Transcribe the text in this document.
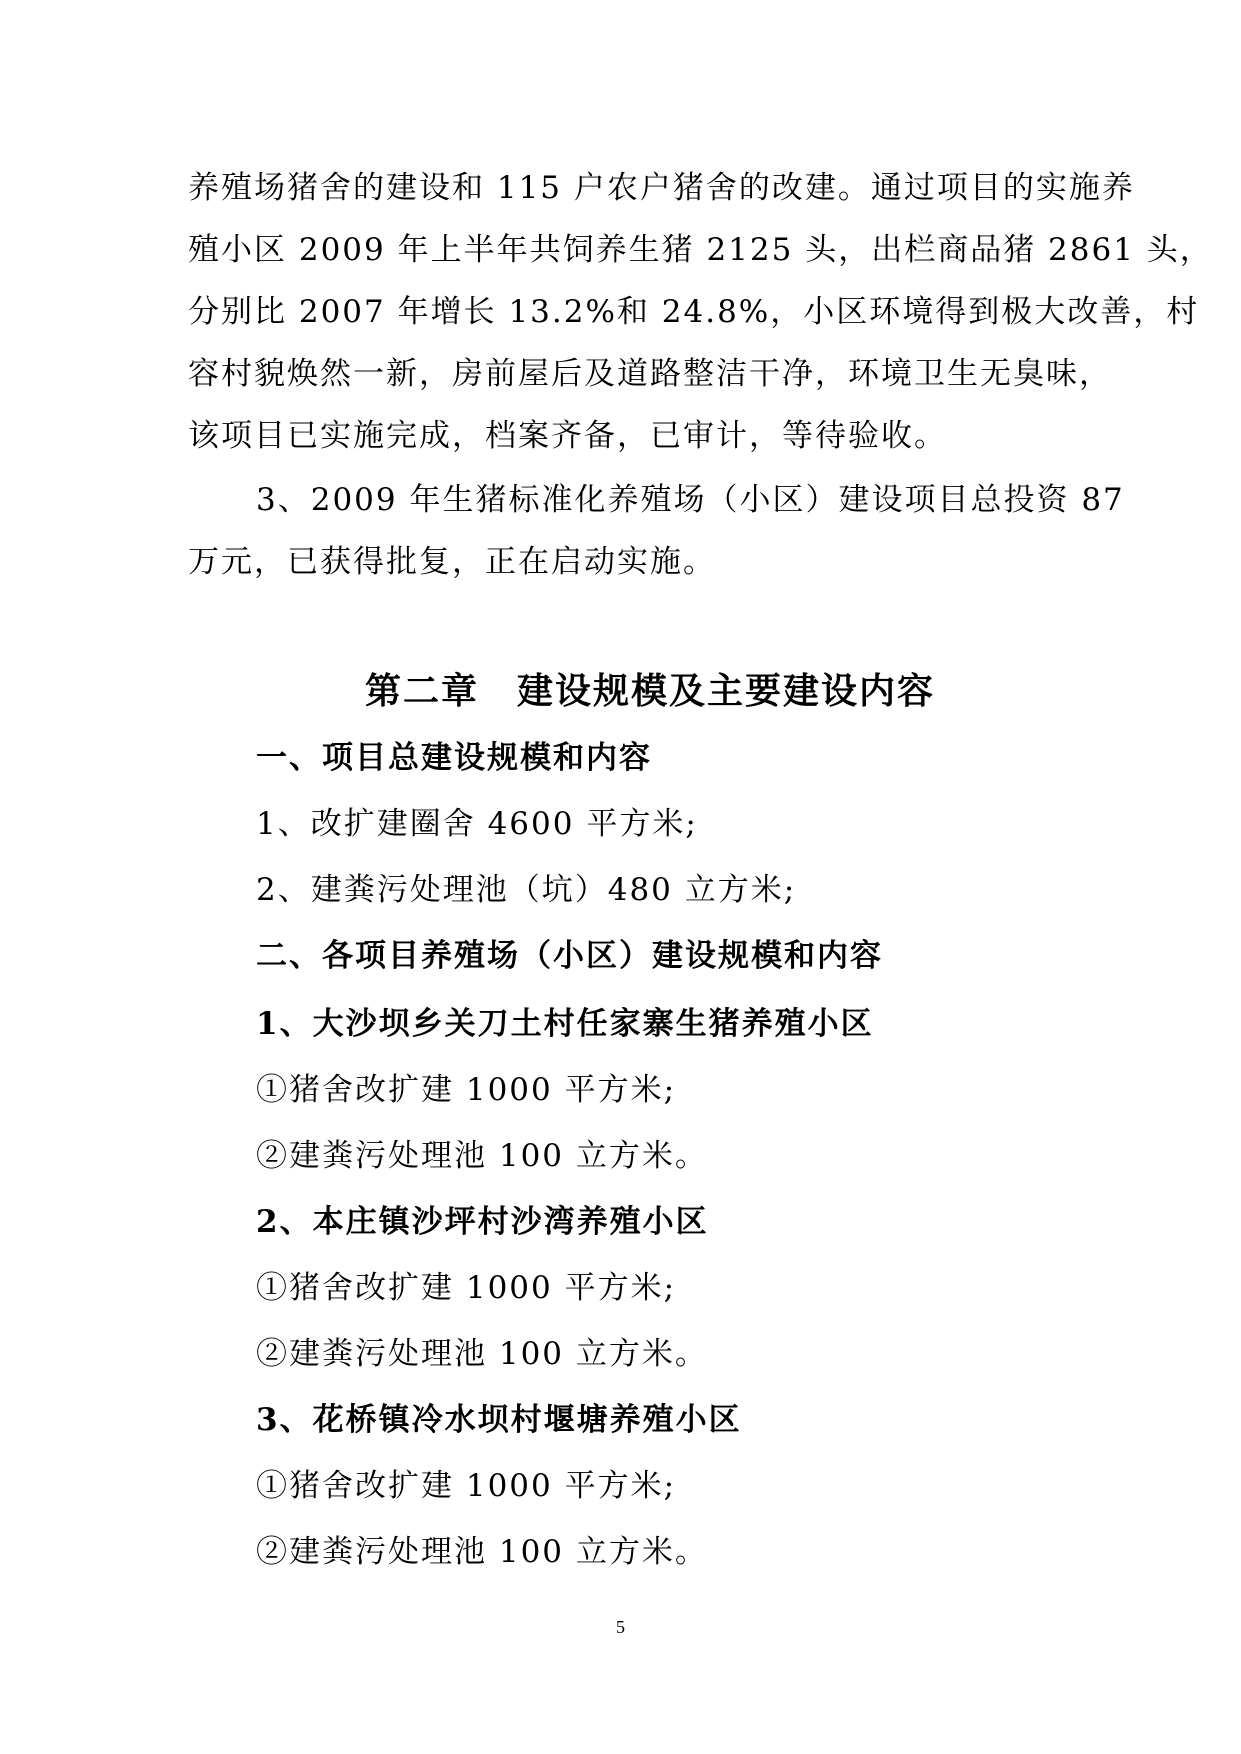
养殖场猪舍的建设和 115 户农户猪舍的改建。通过项目的实施养
殖小区 2009 年上半年共饲养生猪 2125 头，出栏商品猪 2861 头，
分别比 2007 年增长 13.2%和 24.8%，小区环境得到极大改善，村
容村貌焕然一新，房前屋后及道路整洁干净，环境卫生无臭味，
该项目已实施完成，档案齐备，已审计，等待验收。
3、2009 年生猪标准化养殖场（小区）建设项目总投资 87
万元，已获得批复，正在启动实施。
第二章　建设规模及主要建设内容
一、项目总建设规模和内容
1、改扩建圈舍 4600 平方米;
2、建粪污处理池（坑）480 立方米;
二、各项目养殖场（小区）建设规模和内容
1、大沙坝乡关刀土村任家寨生猪养殖小区
①猪舍改扩建 1000 平方米;
②建粪污处理池 100 立方米。
2、本庄镇沙坪村沙湾养殖小区
①猪舍改扩建 1000 平方米;
②建粪污处理池 100 立方米。
3、花桥镇冷水坝村堰塘养殖小区
①猪舍改扩建 1000 平方米;
②建粪污处理池 100 立方米。
5
